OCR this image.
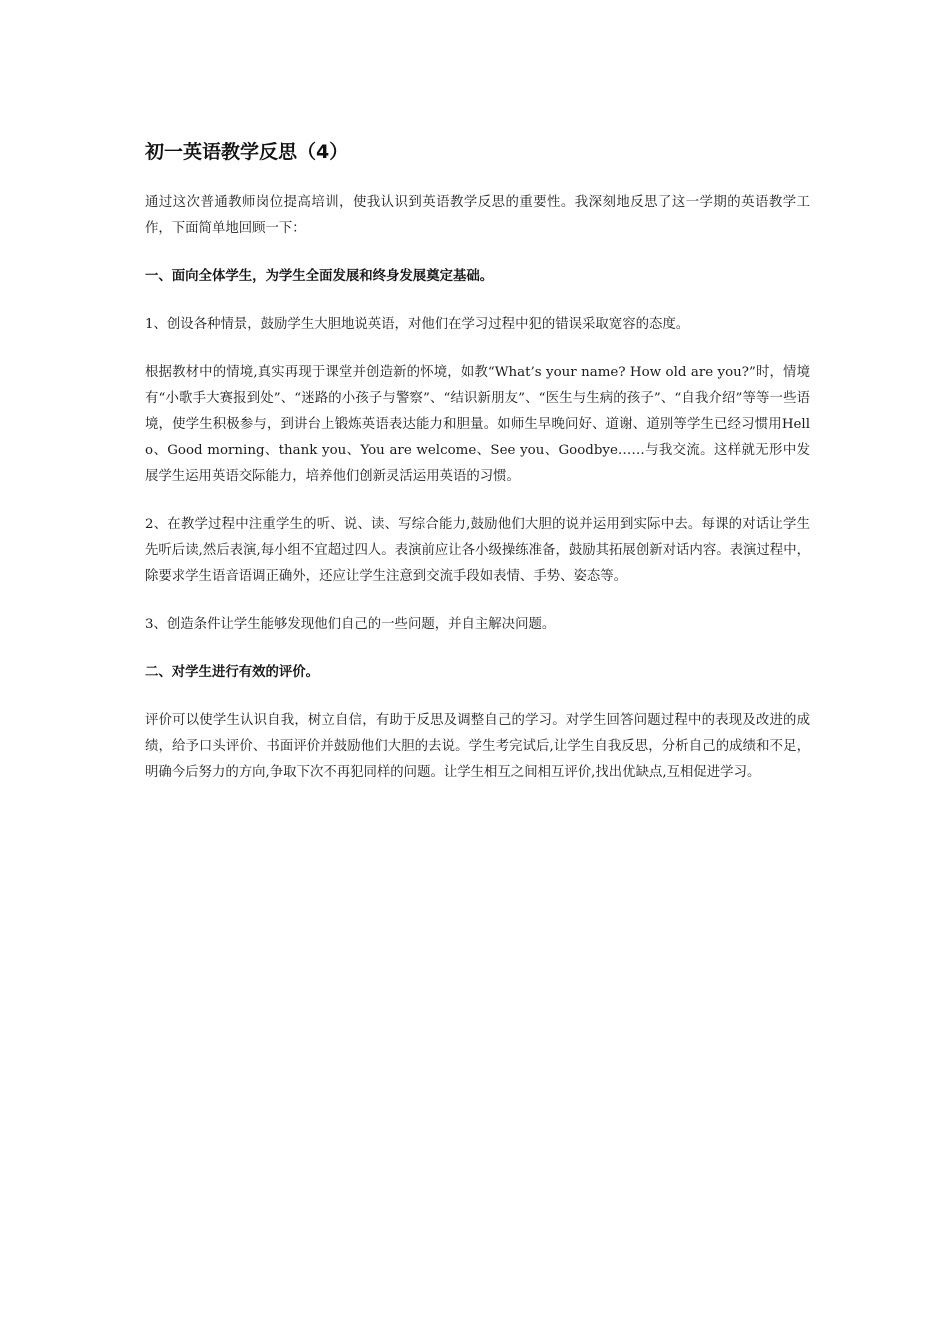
初一英语教学反思（4）

通过这次普通教师岗位提高培训，使我认识到英语教学反思的重要性。我深刻地反思了这一学期的英语教学工作，下面简单地回顾一下：

一、面向全体学生，为学生全面发展和终身发展奠定基础。

1、创设各种情景，鼓励学生大胆地说英语，对他们在学习过程中犯的错误采取宽容的态度。

根据教材中的情境,真实再现于课堂并创造新的怀境，如教“What’s your name? How old are you?”时，情境有“小歌手大赛报到处”、“迷路的小孩子与警察”、“结识新朋友”、“医生与生病的孩子”、“自我介绍”等等一些语境，使学生积极参与，到讲台上锻炼英语表达能力和胆量。如师生早晚问好、道谢、道别等学生已经习惯用Hello、Good morning、thank you、You are welcome、See you、Goodbye……与我交流。这样就无形中发展学生运用英语交际能力，培养他们创新灵活运用英语的习惯。

2、在教学过程中注重学生的听、说、读、写综合能力,鼓励他们大胆的说并运用到实际中去。每课的对话让学生先听后读,然后表演,每小组不宜超过四人。表演前应让各小级操练准备，鼓励其拓展创新对话内容。表演过程中，除要求学生语音语调正确外，还应让学生注意到交流手段如表情、手势、姿态等。

3、创造条件让学生能够发现他们自己的一些问题，并自主解决问题。

二、对学生进行有效的评价。

评价可以使学生认识自我，树立自信，有助于反思及调整自己的学习。对学生回答问题过程中的表现及改进的成绩，给予口头评价、书面评价并鼓励他们大胆的去说。学生考完试后,让学生自我反思，分析自己的成绩和不足，明确今后努力的方向,争取下次不再犯同样的问题。让学生相互之间相互评价,找出优缺点,互相促进学习。
